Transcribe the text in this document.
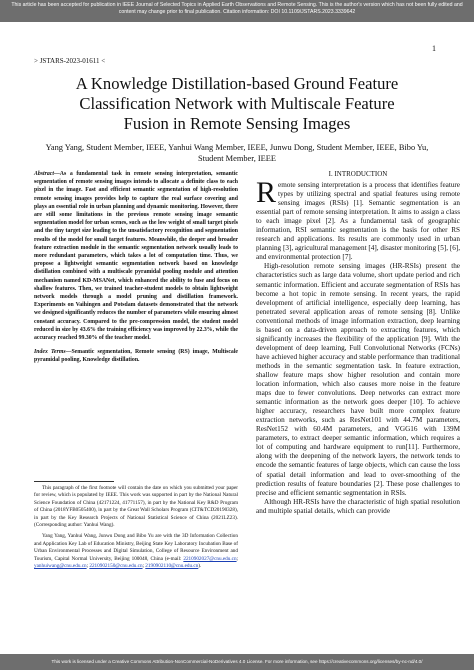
This article has been accepted for publication in IEEE Journal of Selected Topics in Applied Earth Observations and Remote Sensing. This is the author's version which has not been fully edited and
content may change prior to final publication. Citation information: DOI 10.1109/JSTARS.2023.3339642
1
> JSTARS-2023-01611 <
A Knowledge Distillation-based Ground Feature
Classification Network with Multiscale Feature
Fusion in Remote Sensing Images
Yang Yang, Student Member, IEEE, Yanhui Wang Member, IEEE, Junwu Dong, Student Member, IEEE, Bibo Yu,
Student Member, IEEE

Abstract—As a fundamental task in remote sensing interpretation, semantic segmentation of remote sensing images intends to allocate a definite class to each pixel in the image. Fast and efficient semantic segmentation of high-resolution remote sensing images provides help to capture the real surface covering and plays an essential role in urban planning and dynamic monitoring. However, there are still some limitations in the previous remote sensing image semantic segmentation model for urban scenes, such as the low weight of small target pixels and the tiny target size leading to the unsatisfactory recognition and segmentation results of the model for small target features. Meanwhile, the deeper and broader feature extraction module in the semantic segmentation network usually leads to more redundant parameters, which takes a lot of computation time. Thus, we propose a lightweight semantic segmentation network based on knowledge distillation combined with a multiscale pyramidal pooling module and attention mechanism named KD-MSANet, which enhanced the ability to fuse and focus on shallow features. Then, we trained teacher-student models to obtain lightweight network models through a model pruning and distillation framework. Experiments on Vaihingen and Potsdam datasets demonstrated that the network we designed significantly reduces the number of parameters while ensuring almost constant accuracy. Compared to the pre-compression model, the student model reduced in size by 43.6% the training efficiency was improved by 22.3%, while the accuracy reached 99.30% of the teacher model.

Index Terms—Semantic segmentation, Remote sensing (RS) image, Multiscale pyramidal pooling, Knowledge distillation.

This paragraph of the first footnote will contain the date on which you submitted your paper for review, which is populated by IEEE. This work was supported in part by the National Natural Science Foundation of China (42171224, 41771157), in part by the National Key R&D Program of China (2018YFB0505400), in part by the Great Wall Scholars Program (CIT&TCD20190328), in part by the Key Research Projects of National Statistical Science of China (2021LZ23). (Corresponding author: Yanhui Wang).

Yang Yang, Yanhui Wang, Junwu Dong and Bibo Yu are with the 3D Information Collection and Application Key Lab of Education Ministry, Beijing State Key Laboratory Incubation Base of Urban Environmental Processes and Digital Simulation, College of Resource Environment and Tourism, Capital Normal University, Beijing 100048, China (e-mail: 2210902027@cnu.edu.cn; yanhuiwang@cnu.edu.cn; 2210902150@cnu.edu.cn; 2190902110@cnu.edu.cn).

I. INTRODUCTION

Remote sensing interpretation is a process that identifies feature types by utilizing spectral and spatial features using remote sensing images (RSIs) [1]. Semantic segmentation is an essential part of remote sensing interpretation. It aims to assign a class to each image pixel [2]. As a fundamental task of geographic information, RSI semantic segmentation is the basis for other RS research and applications. Its results are commonly used in urban planning [3], agricultural management [4], disaster monitoring [5], [6], and environmental protection [7].

High-resolution remote sensing images (HR-RSIs) present the characteristics such as large data volume, short update period and rich semantic information. Efficient and accurate segmentation of RSIs has become a hot topic in remote sensing. In recent years, the rapid development of artificial intelligence, especially deep learning, has penetrated several application areas of remote sensing [8]. Unlike conventional methods of image information extraction, deep learning is based on a data-driven approach to extracting features, which significantly increases the flexibility of the application [9]. With the development of deep learning, Full Convolutional Networks (FCNs) have achieved higher accuracy and stable performance than traditional methods in the semantic segmentation task. In feature extraction, shallow feature maps show higher resolution and contain more location information, which also causes more noise in the feature maps due to fewer convolutions. Deep networks can extract more semantic information as the network goes deeper [10]. To achieve higher accuracy, researchers have built more complex feature extraction networks, such as ResNet101 with 44.7M parameters, ResNet152 with 60.4M parameters, and VGG16 with 139M parameters, to extract deeper semantic information, which requires a lot of computing and hardware equipment to run[11]. Furthermore, along with the deepening of the network layers, the network tends to encode the semantic features of large objects, which can cause the loss of spatial detail information and lead to over-smoothing of the prediction results of feature boundaries [2]. These pose challenges to precise and efficient semantic segmentation in RSIs.

Although HR-RSIs have the characteristic of high spatial resolution and multiple spatial details, which can provide

This work is licensed under a Creative Commons Attribution-NonCommercial-NoDerivatives 4.0 License. For more information, see https://creativecommons.org/licenses/by-nc-nd/4.0/
